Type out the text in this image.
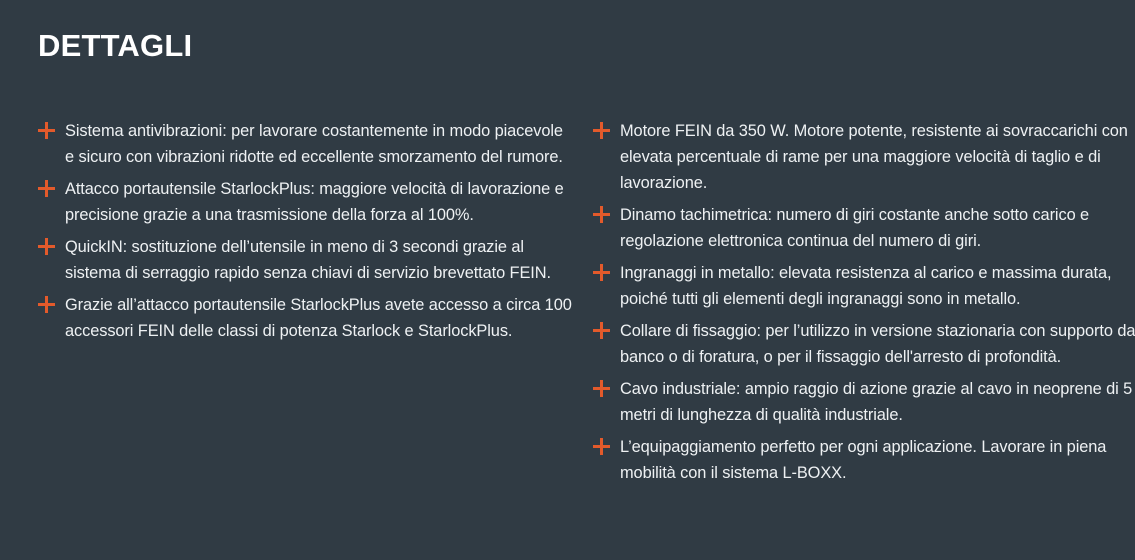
DETTAGLI
Sistema antivibrazioni: per lavorare costantemente in modo piacevole e sicuro con vibrazioni ridotte ed eccellente smorzamento del rumore.
Attacco portautensile StarlockPlus: maggiore velocità di lavorazione e precisione grazie a una trasmissione della forza al 100%.
QuickIN: sostituzione dell’utensile in meno di 3 secondi grazie al sistema di serraggio rapido senza chiavi di servizio brevettato FEIN.
Grazie all’attacco portautensile StarlockPlus avete accesso a circa 100 accessori FEIN delle classi di potenza Starlock e StarlockPlus.
Motore FEIN da 350 W. Motore potente, resistente ai sovraccarichi con elevata percentuale di rame per una maggiore velocità di taglio e di lavorazione.
Dinamo tachimetrica: numero di giri costante anche sotto carico e regolazione elettronica continua del numero di giri.
Ingranaggi in metallo: elevata resistenza al carico e massima durata, poiché tutti gli elementi degli ingranaggi sono in metallo.
Collare di fissaggio: per l’utilizzo in versione stazionaria con supporto da banco o di foratura, o per il fissaggio dell'arresto di profondità.
Cavo industriale: ampio raggio di azione grazie al cavo in neoprene di 5 metri di lunghezza di qualità industriale.
L’equipaggiamento perfetto per ogni applicazione. Lavorare in piena mobilità con il sistema L-BOXX.
